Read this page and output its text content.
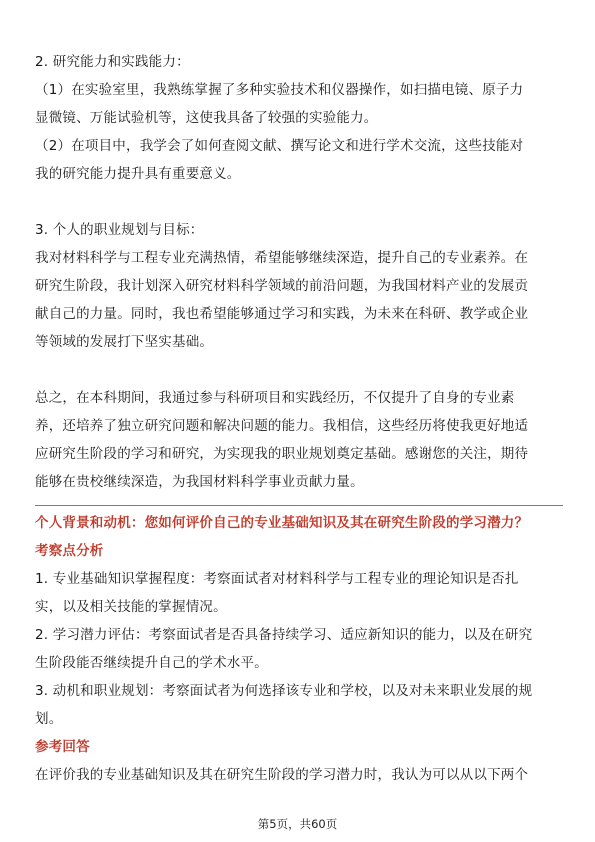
2. 研究能力和实践能力：
（1）在实验室里，我熟练掌握了多种实验技术和仪器操作，如扫描电镜、原子力
显微镜、万能试验机等，这使我具备了较强的实验能力。
（2）在项目中，我学会了如何查阅文献、撰写论文和进行学术交流，这些技能对
我的研究能力提升具有重要意义。
3. 个人的职业规划与目标：
我对材料科学与工程专业充满热情，希望能够继续深造，提升自己的专业素养。在
研究生阶段，我计划深入研究材料科学领域的前沿问题，为我国材料产业的发展贡
献自己的力量。同时，我也希望能够通过学习和实践，为未来在科研、教学或企业
等领域的发展打下坚实基础。
总之，在本科期间，我通过参与科研项目和实践经历，不仅提升了自身的专业素
养，还培养了独立研究问题和解决问题的能力。我相信，这些经历将使我更好地适
应研究生阶段的学习和研究，为实现我的职业规划奠定基础。感谢您的关注，期待
能够在贵校继续深造，为我国材料科学事业贡献力量。
个人背景和动机：您如何评价自己的专业基础知识及其在研究生阶段的学习潜力？
考察点分析
1. 专业基础知识掌握程度：考察面试者对材料科学与工程专业的理论知识是否扎
实，以及相关技能的掌握情况。
2. 学习潜力评估：考察面试者是否具备持续学习、适应新知识的能力，以及在研究
生阶段能否继续提升自己的学术水平。
3. 动机和职业规划：考察面试者为何选择该专业和学校，以及对未来职业发展的规
划。
参考回答
在评价我的专业基础知识及其在研究生阶段的学习潜力时，我认为可以从以下两个
第5页，共60页
